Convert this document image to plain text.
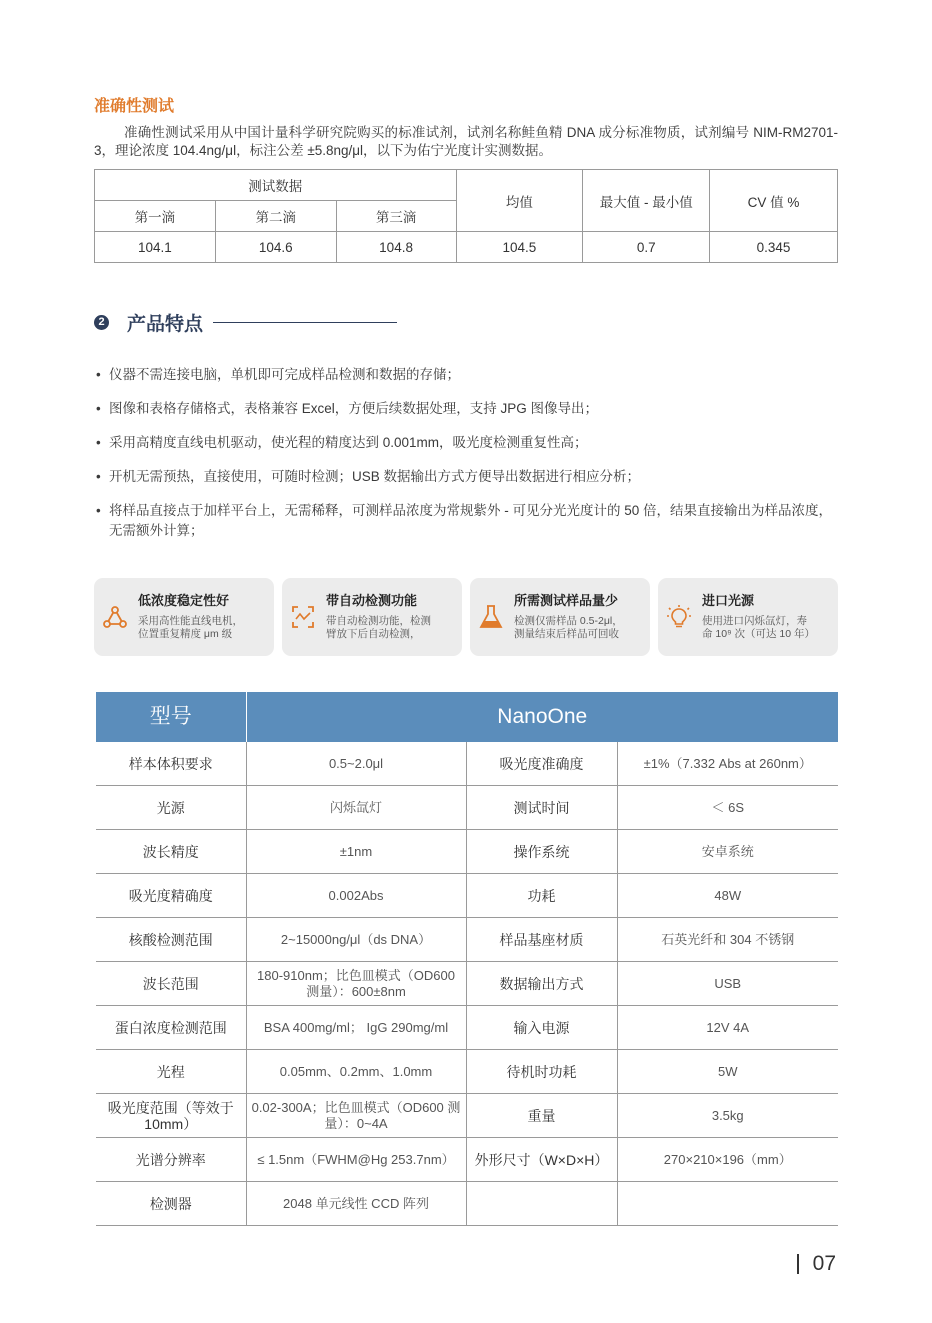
准确性测试
准确性测试采用从中国计量科学研究院购买的标准试剂，试剂名称鲑鱼精 DNA 成分标准物质，试剂编号 NIM-RM2701-3，理论浓度 104.4ng/μl，标注公差 ±5.8ng/μl，以下为佑宁光度计实测数据。
测试数据			均值	最大值 - 最小值	CV 值 %
第一滴	第二滴	第三滴			
104.1	104.6	104.8	104.5	0.7	0.345
2 产品特点
• 仪器不需连接电脑，单机即可完成样品检测和数据的存储；
• 图像和表格存储格式，表格兼容 Excel，方便后续数据处理，支持 JPG 图像导出；
• 采用高精度直线电机驱动，使光程的精度达到 0.001mm，吸光度检测重复性高；
• 开机无需预热，直接使用，可随时检测；USB 数据输出方式方便导出数据进行相应分析；
• 将样品直接点于加样平台上，无需稀释，可测样品浓度为常规紫外 - 可见分光光度计的 50 倍，结果直接输出为样品浓度，无需额外计算；
低浓度稳定性好
采用高性能直线电机，
位置重复精度 μm 级
带自动检测功能
带自动检测功能，检测
臂放下后自动检测，
所需测试样品量少
检测仅需样品 0.5-2μl，
测量结束后样品可回收
进口光源
使用进口闪烁氙灯，寿
命 10⁹ 次（可达 10 年）
型号	NanoOne		
样本体积要求	0.5~2.0μl	吸光度准确度	±1%（7.332 Abs at 260nm）
光源	闪烁氙灯	测试时间	＜ 6S
波长精度	±1nm	操作系统	安卓系统
吸光度精确度	0.002Abs	功耗	48W
核酸检测范围	2~15000ng/μl（ds DNA）	样品基座材质	石英光纤和 304 不锈钢
波长范围	180-910nm；比色皿模式（OD600 测量）：600±8nm	数据输出方式	USB
蛋白浓度检测范围	BSA 400mg/ml； IgG 290mg/ml	输入电源	12V 4A
光程	0.05mm、0.2mm、1.0mm	待机时功耗	5W
吸光度范围（等效于 10mm）	0.02-300A；比色皿模式（OD600 测量）：0~4A	重量	3.5kg
光谱分辨率	≤ 1.5nm（FWHM@Hg 253.7nm）	外形尺寸（W×D×H）	270×210×196（mm）
检测器	2048 单元线性 CCD 阵列		
07
